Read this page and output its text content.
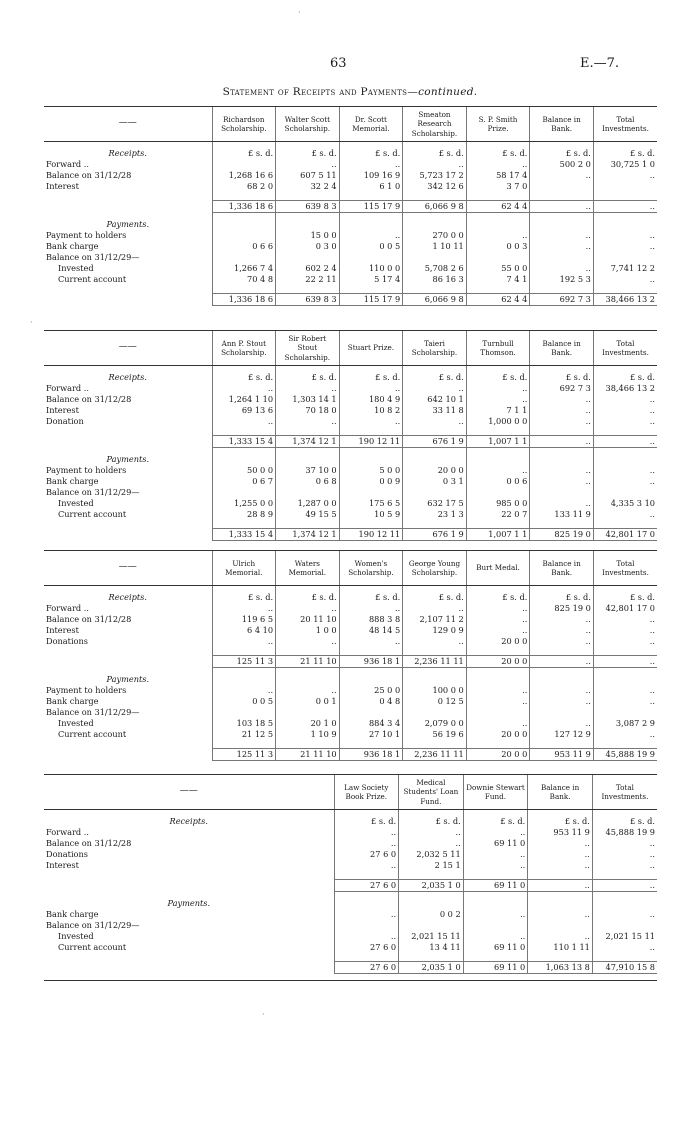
63	E.—7.
Statement of Receipts and Payments—continued.
·
·
·
——	Richardson Scholarship.	Walter Scott Scholarship.	Dr. Scott Memorial.	Smeaton Research Scholarship.	S. P. Smith Prize.	Balance in Bank.	Total Investments.
Receipts.	£ s. d.	£ s. d.	£ s. d.	£ s. d.	£ s. d.	£ s. d.	£ s. d.
Forward ..		..	..	..	..	500 2 0	30,725 1 0
Balance on 31/12/28	1,268 16 6	607 5 11	109 16 9	5,723 17 2	58 17 4	..	..
Interest	68 2 0	32 2 4	6 1 0	342 12 6	3 7 0		

	1,336 18 6	639 8 3	115 17 9	6,066 9 8	62 4 4	..	..
Payments.							
Payment to holders		15 0 0	..	270 0 0	..	..	..
Bank charge	0 6 6	0 3 0	0 0 5	1 10 11	0 0 3	..	..
Balance on 31/12/29—							
Invested	1,266 7 4	602 2 4	110 0 0	5,708 2 6	55 0 0	..	7,741 12 2
Current account	70 4 8	22 2 11	5 17 4	86 16 3	7 4 1	192 5 3	..

	1,336 18 6	639 8 3	115 17 9	6,066 9 8	62 4 4	692 7 3	38,466 13 2
——	Ann P. Stout Scholarship.	Sir Robert Stout Scholarship.	Stuart Prize.	Taieri Scholarship.	Turnbull Thomson.	Balance in Bank.	Total Investments.
Receipts.	£ s. d.	£ s. d.	£ s. d.	£ s. d.	£ s. d.	£ s. d.	£ s. d.
Forward ..	..	..	..	..	..	692 7 3	38,466 13 2
Balance on 31/12/28	1,264 1 10	1,303 14 1	180 4 9	642 10 1	..	..	..
Interest	69 13 6	70 18 0	10 8 2	33 11 8	7 1 1	..	..
Donation	..	..	..	..	1,000 0 0	..	..

	1,333 15 4	1,374 12 1	190 12 11	676 1 9	1,007 1 1	..	..
Payments.							
Payment to holders	50 0 0	37 10 0	5 0 0	20 0 0	..	..	..
Bank charge	0 6 7	0 6 8	0 0 9	0 3 1	0 0 6	..	..
Balance on 31/12/29—							
Invested	1,255 0 0	1,287 0 0	175 6 5	632 17 5	985 0 0	..	4,335 3 10
Current account	28 8 9	49 15 5	10 5 9	23 1 3	22 0 7	133 11 9	..

	1,333 15 4	1,374 12 1	190 12 11	676 1 9	1,007 1 1	825 19 0	42,801 17 0
——	Ulrich Memorial.	Waters Memorial.	Women's Scholarship.	George Young Scholarship.	Burt Medal.	Balance in Bank.	Total Investments.
Receipts.	£ s. d.	£ s. d.	£ s. d.	£ s. d.	£ s. d.	£ s. d.	£ s. d.
Forward ..	..	..	..	..	..	825 19 0	42,801 17 0
Balance on 31/12/28	119 6 5	20 11 10	888 3 8	2,107 11 2	..	..	..
Interest	6 4 10	1 0 0	48 14 5	129 0 9	..	..	..
Donations	..	..	..	..	20 0 0	..	..

	125 11 3	21 11 10	936 18 1	2,236 11 11	20 0 0	..	..
Payments.							
Payment to holders	..	..	25 0 0	100 0 0	..	..	..
Bank charge	0 0 5	0 0 1	0 4 8	0 12 5	..	..	..
Balance on 31/12/29—							
Invested	103 18 5	20 1 0	884 3 4	2,079 0 0	..	..	3,087 2 9
Current account	21 12 5	1 10 9	27 10 1	56 19 6	20 0 0	127 12 9	..

	125 11 3	21 11 10	936 18 1	2,236 11 11	20 0 0	953 11 9	45,888 19 9
——	Law Society Book Prize.	Medical Students' Loan Fund.	Downie Stewart Fund.	Balance in Bank.	Total Investments.
Receipts.	£ s. d.	£ s. d.	£ s. d.	£ s. d.	£ s. d.
Forward ..	..	..	..	953 11 9	45,888 19 9
Balance on 31/12/28	..	..	69 11 0	..	..
Donations	27 6 0	2,032 5 11	..	..	..
Interest	..	2 15 1	..	..	..

	27 6 0	2,035 1 0	69 11 0	..	..
Payments.					
Bank charge	..	0 0 2	..	..	..
Balance on 31/12/29—					
Invested	..	2,021 15 11	..	..	2,021 15 11
Current account	27 6 0	13 4 11	69 11 0	110 1 11	..

	27 6 0	2,035 1 0	69 11 0	1,063 13 8	47,910 15 8
